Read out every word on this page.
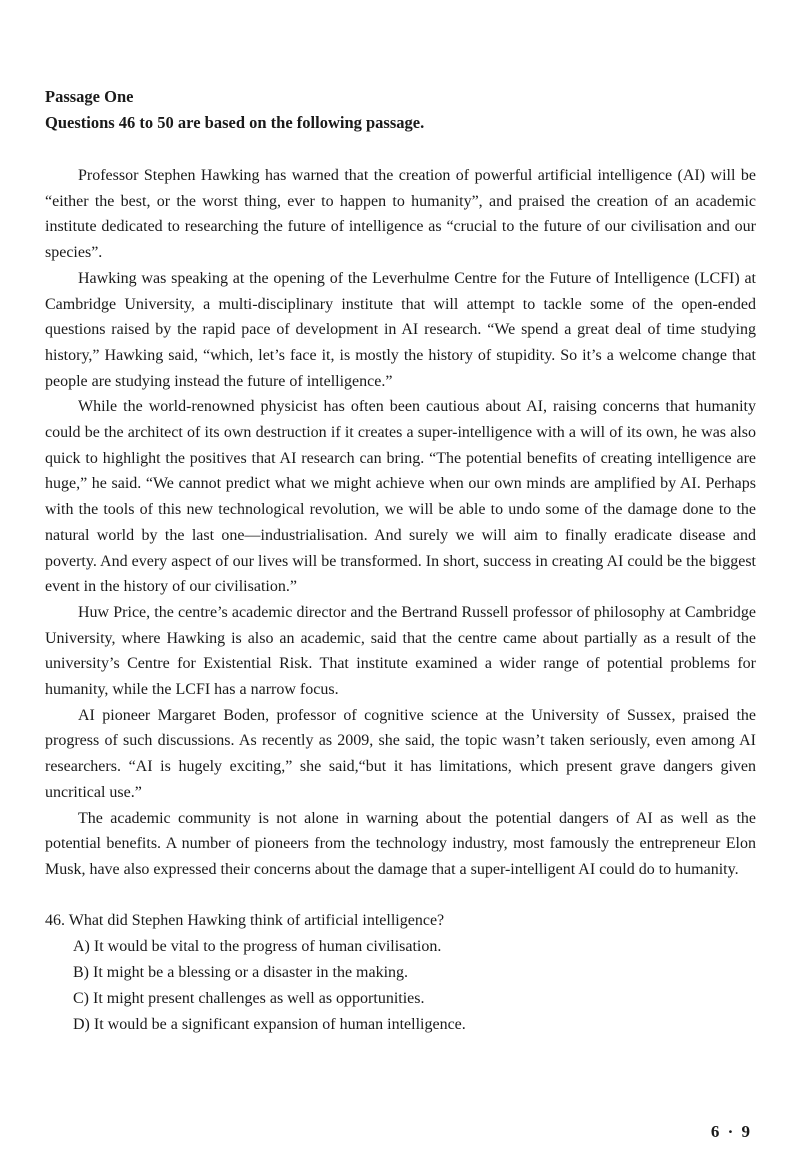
Passage One

Questions 46 to 50 are based on the following passage.

Professor Stephen Hawking has warned that the creation of powerful artificial intelligence (AI) will be “either the best, or the worst thing, ever to happen to humanity”, and praised the creation of an academic institute dedicated to researching the future of intelligence as “crucial to the future of our civilisation and our species”.

Hawking was speaking at the opening of the Leverhulme Centre for the Future of Intelligence (LCFI) at Cambridge University, a multi-disciplinary institute that will attempt to tackle some of the open-ended questions raised by the rapid pace of development in AI research. “We spend a great deal of time studying history,” Hawking said, “which, let’s face it, is mostly the history of stupidity. So it’s a welcome change that people are studying instead the future of intelligence.”

While the world-renowned physicist has often been cautious about AI, raising concerns that humanity could be the architect of its own destruction if it creates a super-intelligence with a will of its own, he was also quick to highlight the positives that AI research can bring. “The potential benefits of creating intelligence are huge,” he said. “We cannot predict what we might achieve when our own minds are amplified by AI. Perhaps with the tools of this new technological revolution, we will be able to undo some of the damage done to the natural world by the last one—industrialisation. And surely we will aim to finally eradicate disease and poverty. And every aspect of our lives will be transformed. In short, success in creating AI could be the biggest event in the history of our civilisation.”

Huw Price, the centre’s academic director and the Bertrand Russell professor of philosophy at Cambridge University, where Hawking is also an academic, said that the centre came about partially as a result of the university’s Centre for Existential Risk. That institute examined a wider range of potential problems for humanity, while the LCFI has a narrow focus.

AI pioneer Margaret Boden, professor of cognitive science at the University of Sussex, praised the progress of such discussions. As recently as 2009, she said, the topic wasn’t taken seriously, even among AI researchers. “AI is hugely exciting,” she said,“but it has limitations, which present grave dangers given uncritical use.”

The academic community is not alone in warning about the potential dangers of AI as well as the potential benefits. A number of pioneers from the technology industry, most famously the entrepreneur Elon Musk, have also expressed their concerns about the damage that a super-intelligent AI could do to humanity.

46. What did Stephen Hawking think of artificial intelligence?

A) It would be vital to the progress of human civilisation.

B) It might be a blessing or a disaster in the making.

C) It might present challenges as well as opportunities.

D) It would be a significant expansion of human intelligence.

6 · 9
